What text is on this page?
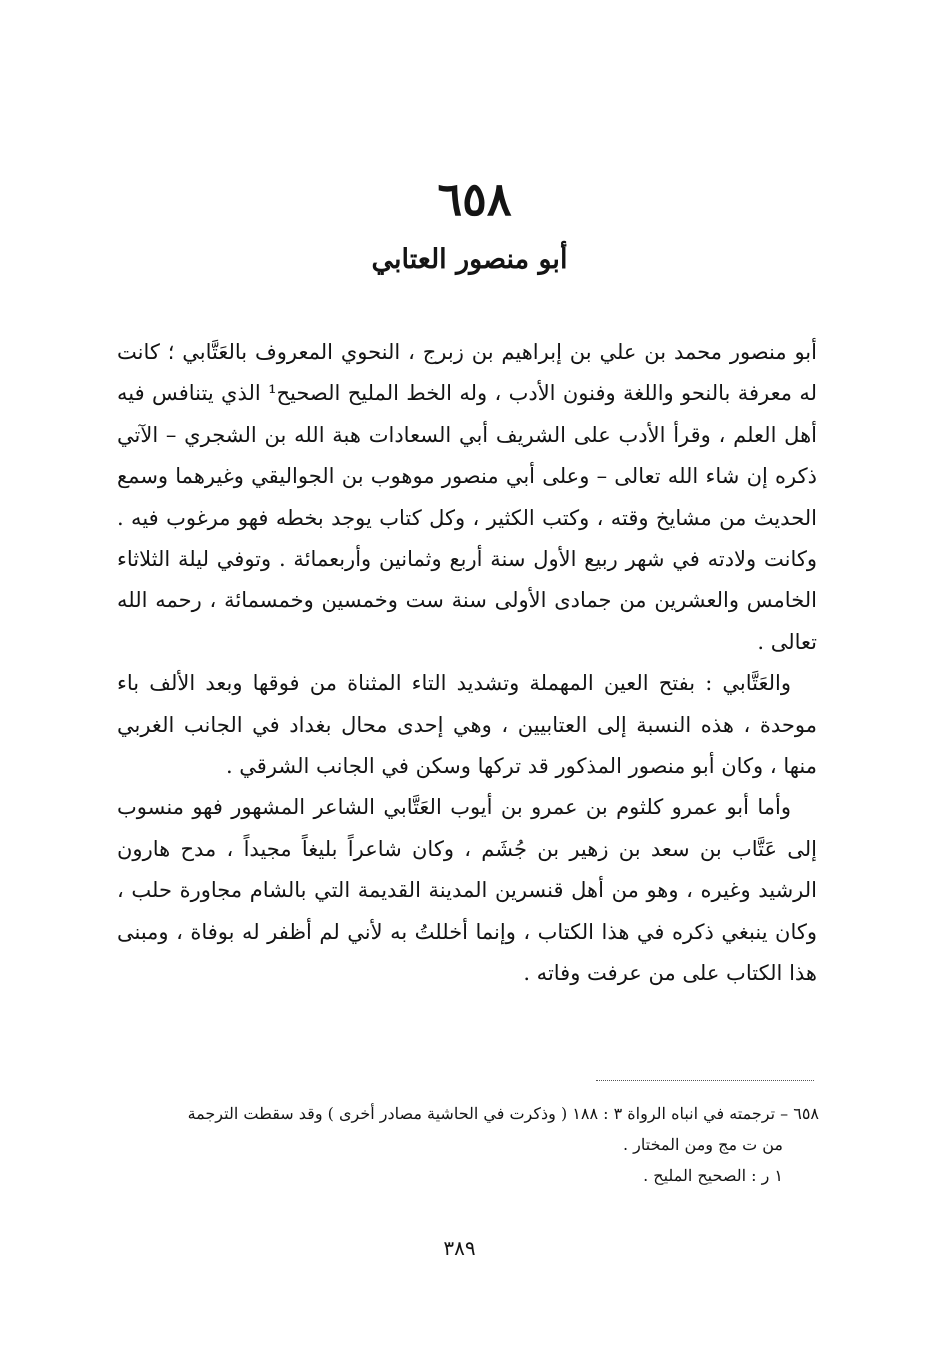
٦٥٨
أبو منصور العتابي

أبو منصور محمد بن علي بن إبراهيم بن زبرج ، النحوي المعروف بالعَتَّابي ؛ كانت له معرفة بالنحو واللغة وفنون الأدب ، وله الخط المليح الصحيح¹ الذي يتنافس فيه أهل العلم ، وقرأ الأدب على الشريف أبي السعادات هبة الله بن الشجري – الآتي ذكره إن شاء الله تعالى – وعلى أبي منصور موهوب بن الجواليقي وغيرهما وسمع الحديث من مشايخ وقته ، وكتب الكثير ، وكل كتاب يوجد بخطه فهو مرغوب فيه . وكانت ولادته في شهر ربيع الأول سنة أربع وثمانين وأربعمائة . وتوفي ليلة الثلاثاء الخامس والعشرين من جمادى الأولى سنة ست وخمسين وخمسمائة ، رحمه الله تعالى .

والعَتَّابي : بفتح العين المهملة وتشديد التاء المثناة من فوقها وبعد الألف باء موحدة ، هذه النسبة إلى العتابيين ، وهي إحدى محال بغداد في الجانب الغربي منها ، وكان أبو منصور المذكور قد تركها وسكن في الجانب الشرقي .

وأما أبو عمرو كلثوم بن عمرو بن أيوب العَتَّابي الشاعر المشهور فهو منسوب إلى عَتَّاب بن سعد بن زهير بن جُشَم ، وكان شاعراً بليغاً مجيداً ، مدح هارون الرشيد وغيره ، وهو من أهل قنسرين المدينة القديمة التي بالشام مجاورة حلب ، وكان ينبغي ذكره في هذا الكتاب ، وإنما أخللتُ به لأني لم أظفر له بوفاة ، ومبنى هذا الكتاب على من عرفت وفاته .

٦٥٨ – ترجمته في انباه الرواة ٣ : ١٨٨ ( وذكرت في الحاشية مصادر أخرى ) وقد سقطت الترجمة

من ت مج ومن المختار .

١ ر : الصحيح المليح .

٣٨٩
